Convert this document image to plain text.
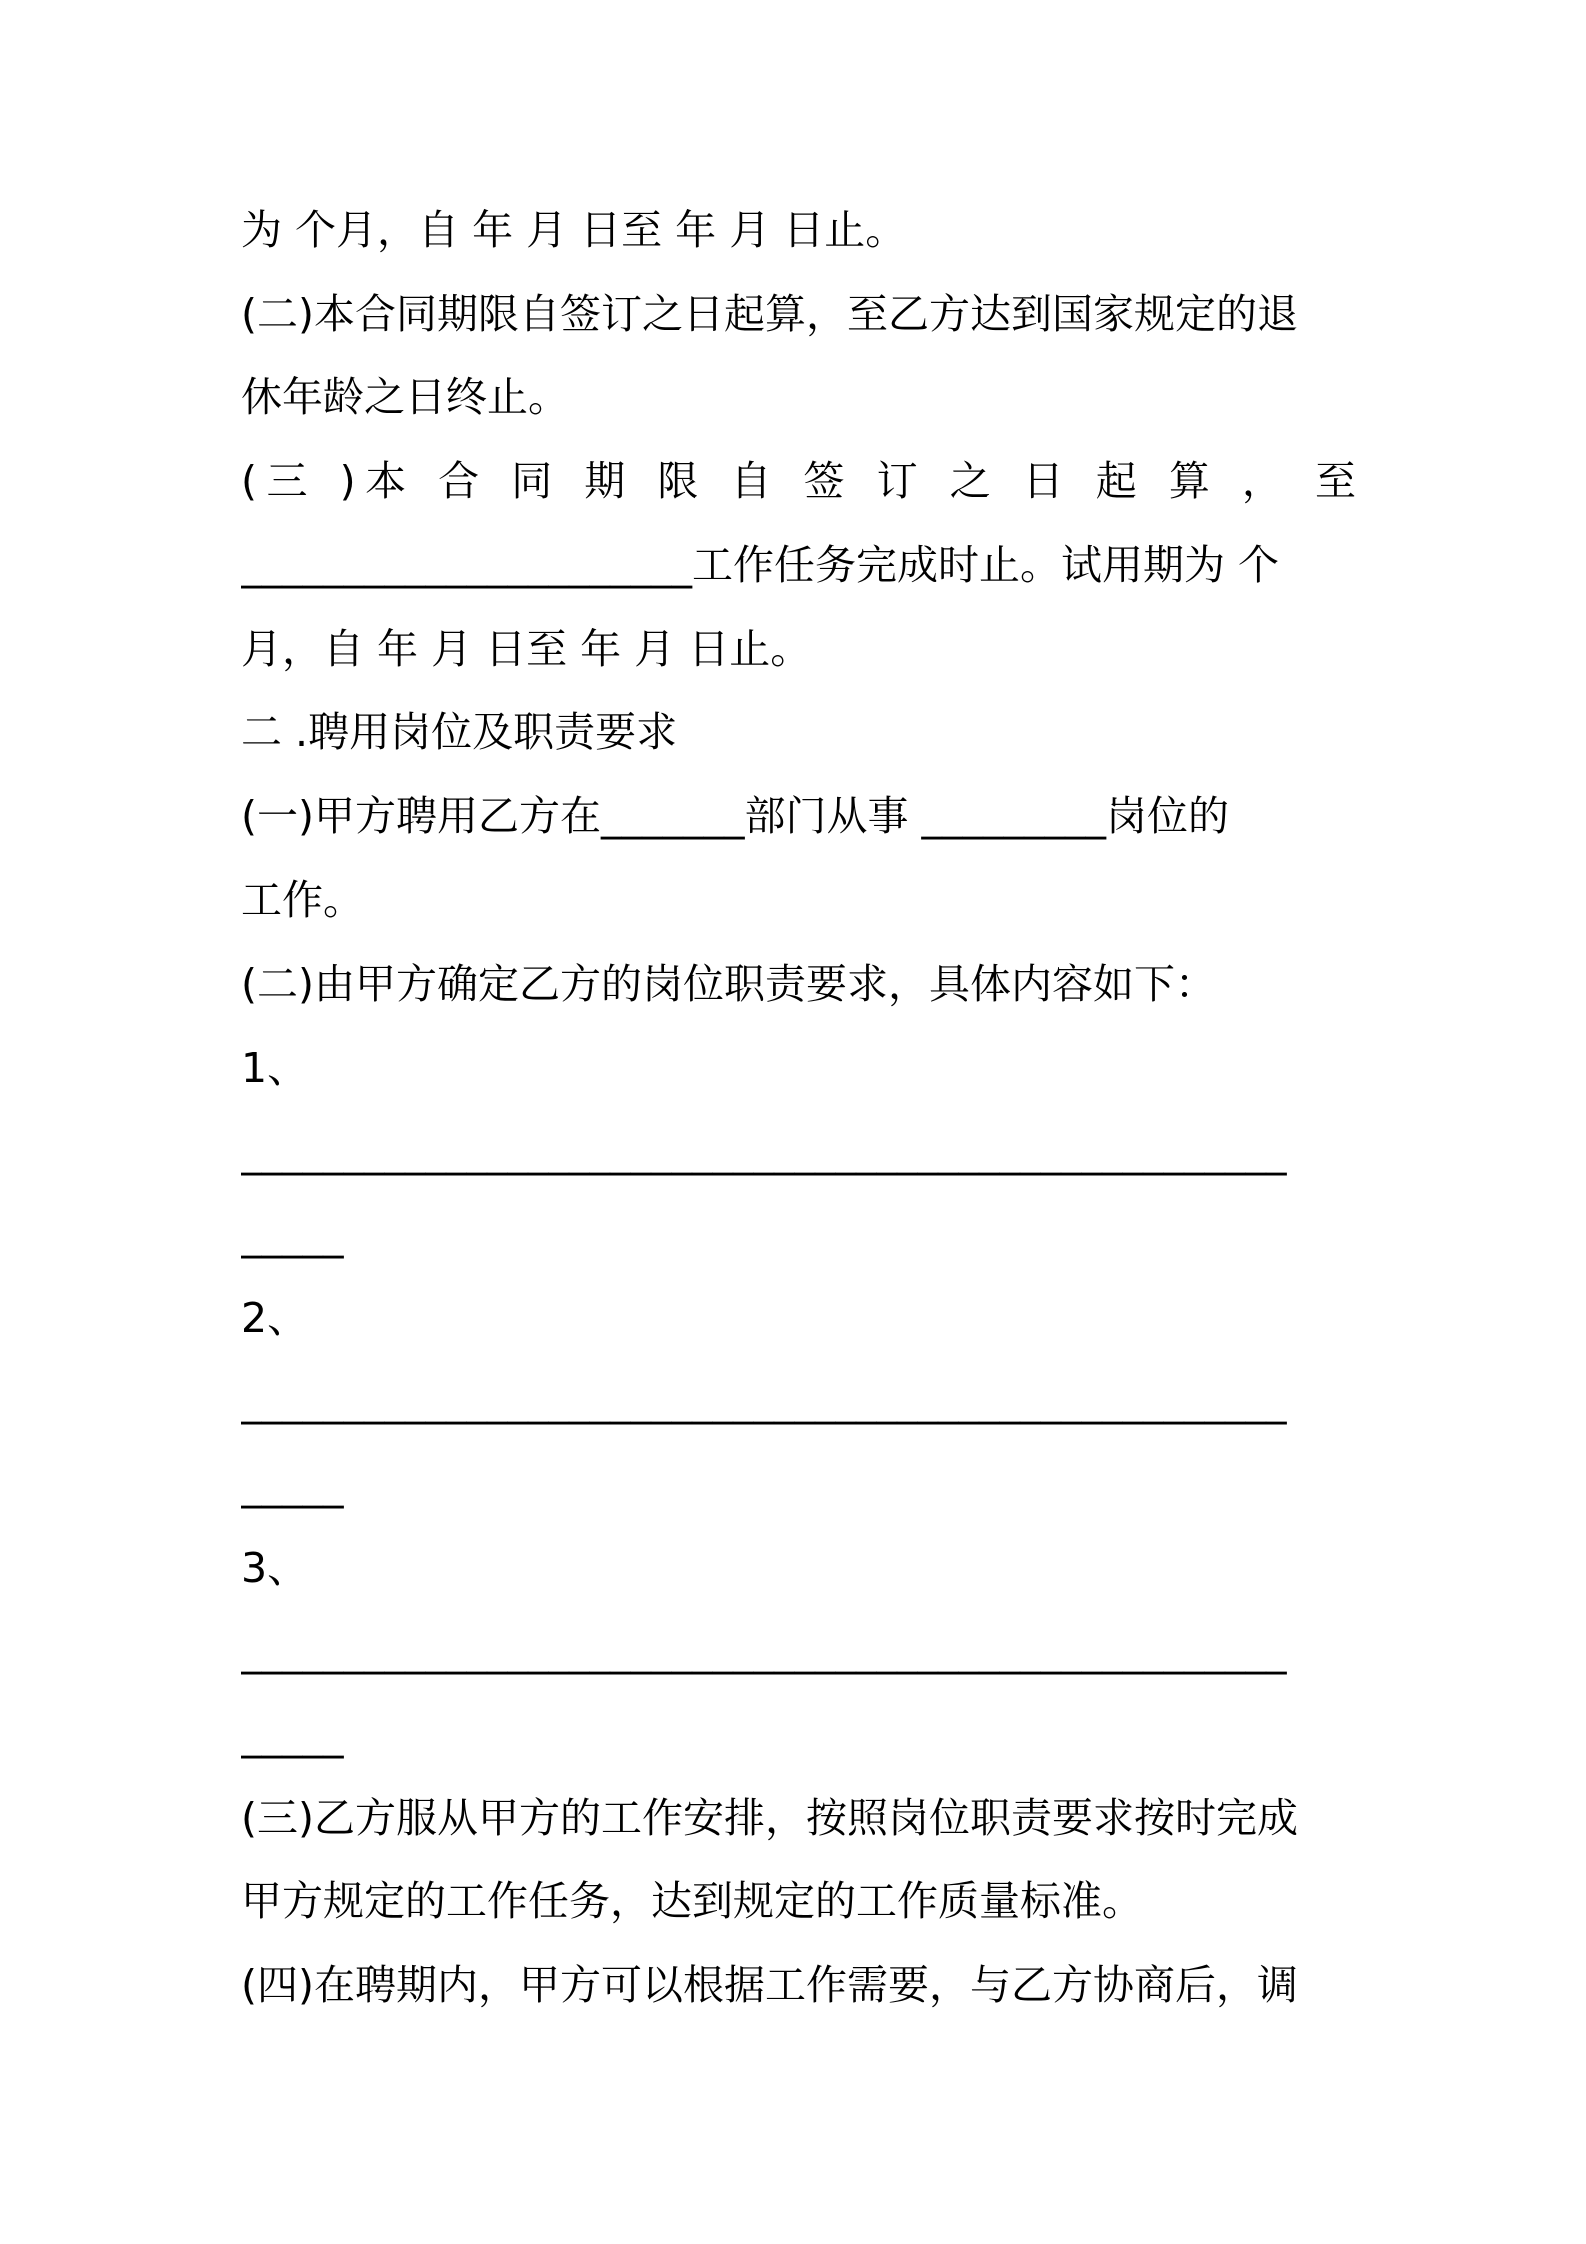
为 个月，自 年 月 日至 年 月 日止。
(二)本合同期限自签订之日起算，至乙方达到国家规定的退
休年龄之日终止。
(三 )本 合 同 期 限 自 签 订 之 日 起 算 ， 至
______________________工作任务完成时止。试用期为 个
月，自 年 月 日至 年 月 日止。
二 .聘用岗位及职责要求
(一)甲方聘用乙方在_______部门从事 _________岗位的
工作。
(二)由甲方确定乙方的岗位职责要求，具体内容如下：
1、
___________________________________________________
_____
2、
___________________________________________________
_____
3、
___________________________________________________
_____
(三)乙方服从甲方的工作安排，按照岗位职责要求按时完成
甲方规定的工作任务，达到规定的工作质量标准。
(四)在聘期内，甲方可以根据工作需要，与乙方协商后，调
